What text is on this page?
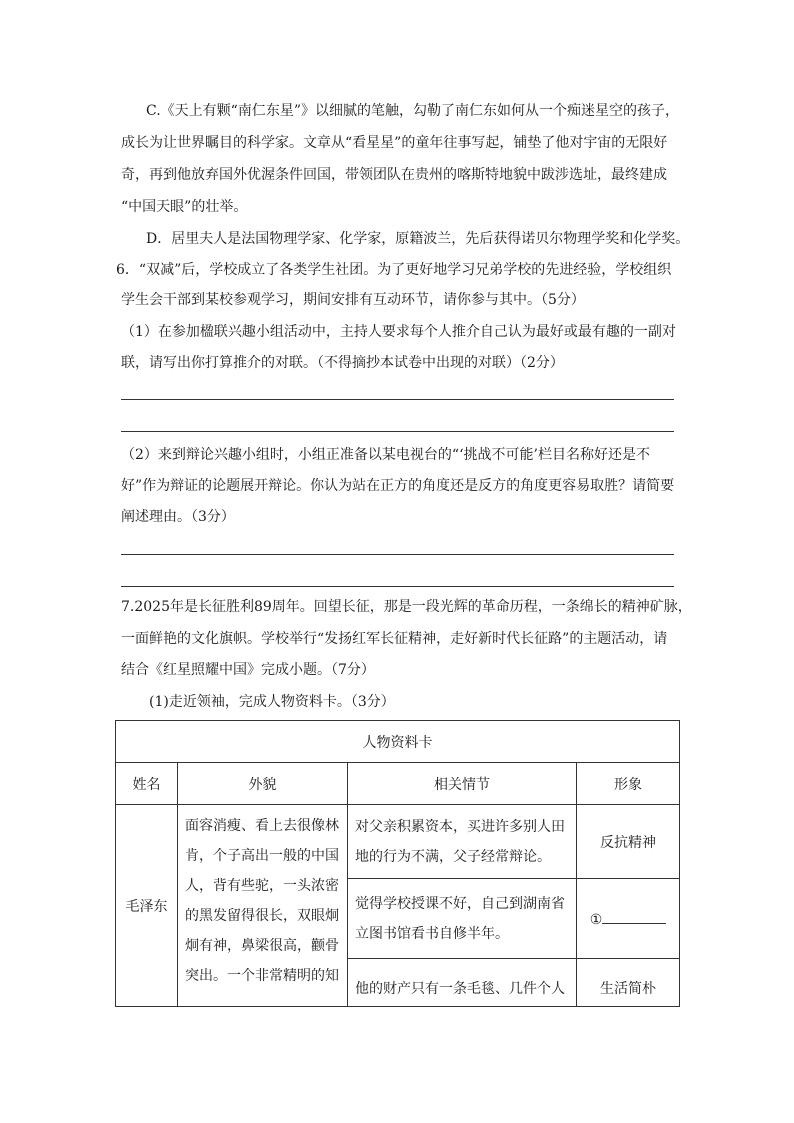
C.《天上有颗“南仁东星”》以细腻的笔触，勾勒了南仁东如何从一个痴迷星空的孩子，
成长为让世界瞩目的科学家。文章从“看星星”的童年往事写起，铺垫了他对宇宙的无限好
奇，再到他放弃国外优渥条件回国，带领团队在贵州的喀斯特地貌中跋涉选址，最终建成
“中国天眼”的壮举。
D．居里夫人是法国物理学家、化学家，原籍波兰，先后获得诺贝尔物理学奖和化学奖。
6．“双减”后，学校成立了各类学生社团。为了更好地学习兄弟学校的先进经验，学校组织
学生会干部到某校参观学习，期间安排有互动环节，请你参与其中。（5分）
（1）在参加楹联兴趣小组活动中，主持人要求每个人推介自己认为最好或最有趣的一副对
联，请写出你打算推介的对联。（不得摘抄本试卷中出现的对联）（2分）
（2）来到辩论兴趣小组时，小组正准备以某电视台的“‘挑战不可能’栏目名称好还是不
好”作为辩证的论题展开辩论。你认为站在正方的角度还是反方的角度更容易取胜？请简要
阐述理由。（3分）
7.2025年是长征胜利89周年。回望长征，那是一段光辉的革命历程，一条绵长的精神矿脉，
一面鲜艳的文化旗帜。学校举行“发扬红军长征精神，走好新时代长征路”的主题活动，请
结合《红星照耀中国》完成小题。（7分）
(1)走近领袖，完成人物资料卡。（3分）
人物资料卡			
姓名	外貌	相关情节	形象
毛泽东	面容消瘦、看上去很像林肯，个子高出一般的中国人，背有些驼，一头浓密的黑发留得很长，双眼炯炯有神，鼻梁很高，颧骨突出。一个非常精明的知	对父亲积累资本，买进许多别人田地的行为不满，父子经常辩论。	反抗精神

		觉得学校授课不好，自己到湖南省立图书馆看书自修半年。	①

		他的财产只有一条毛毯、几件个人	生活简朴
